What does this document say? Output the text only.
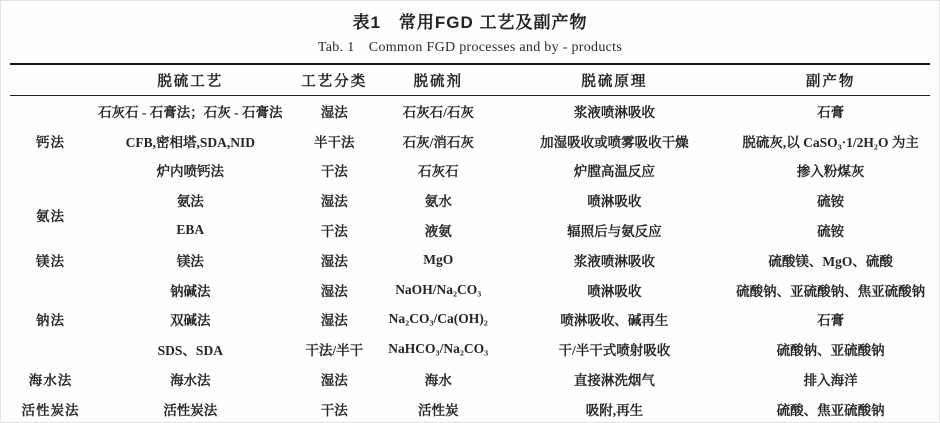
表1　常用FGD 工艺及副产物
Tab. 1　Common FGD processes and by - products
	脱硫工艺	工艺分类	脱硫剂	脱硫原理	副产物
钙法	石灰石 - 石膏法；石灰 - 石膏法	湿法	石灰石/石灰	浆液喷淋吸收	石膏
	CFB,密相塔,SDA,NID	半干法	石灰/消石灰	加湿吸收或喷雾吸收干燥	脱硫灰,以 CaSO₃·1/2H₂O 为主
	炉内喷钙法	干法	石灰石	炉膛高温反应	掺入粉煤灰
氨法	氨法	湿法	氨水	喷淋吸收	硫铵
	EBA	干法	液氨	辐照后与氨反应	硫铵
镁法	镁法	湿法	MgO	浆液喷淋吸收	硫酸镁、MgO、硫酸
钠法	钠碱法	湿法	NaOH/Na₂CO₃	喷淋吸收	硫酸钠、亚硫酸钠、焦亚硫酸钠
	双碱法	湿法	Na₂CO₃/Ca(OH)₂	喷淋吸收、碱再生	石膏
	SDS、SDA	干法/半干	NaHCO₃/Na₂CO₃	干/半干式喷射吸收	硫酸钠、亚硫酸钠
海水法	海水法	湿法	海水	直接淋洗烟气	排入海洋
活性炭法	活性炭法	干法	活性炭	吸附,再生	硫酸、焦亚硫酸钠
